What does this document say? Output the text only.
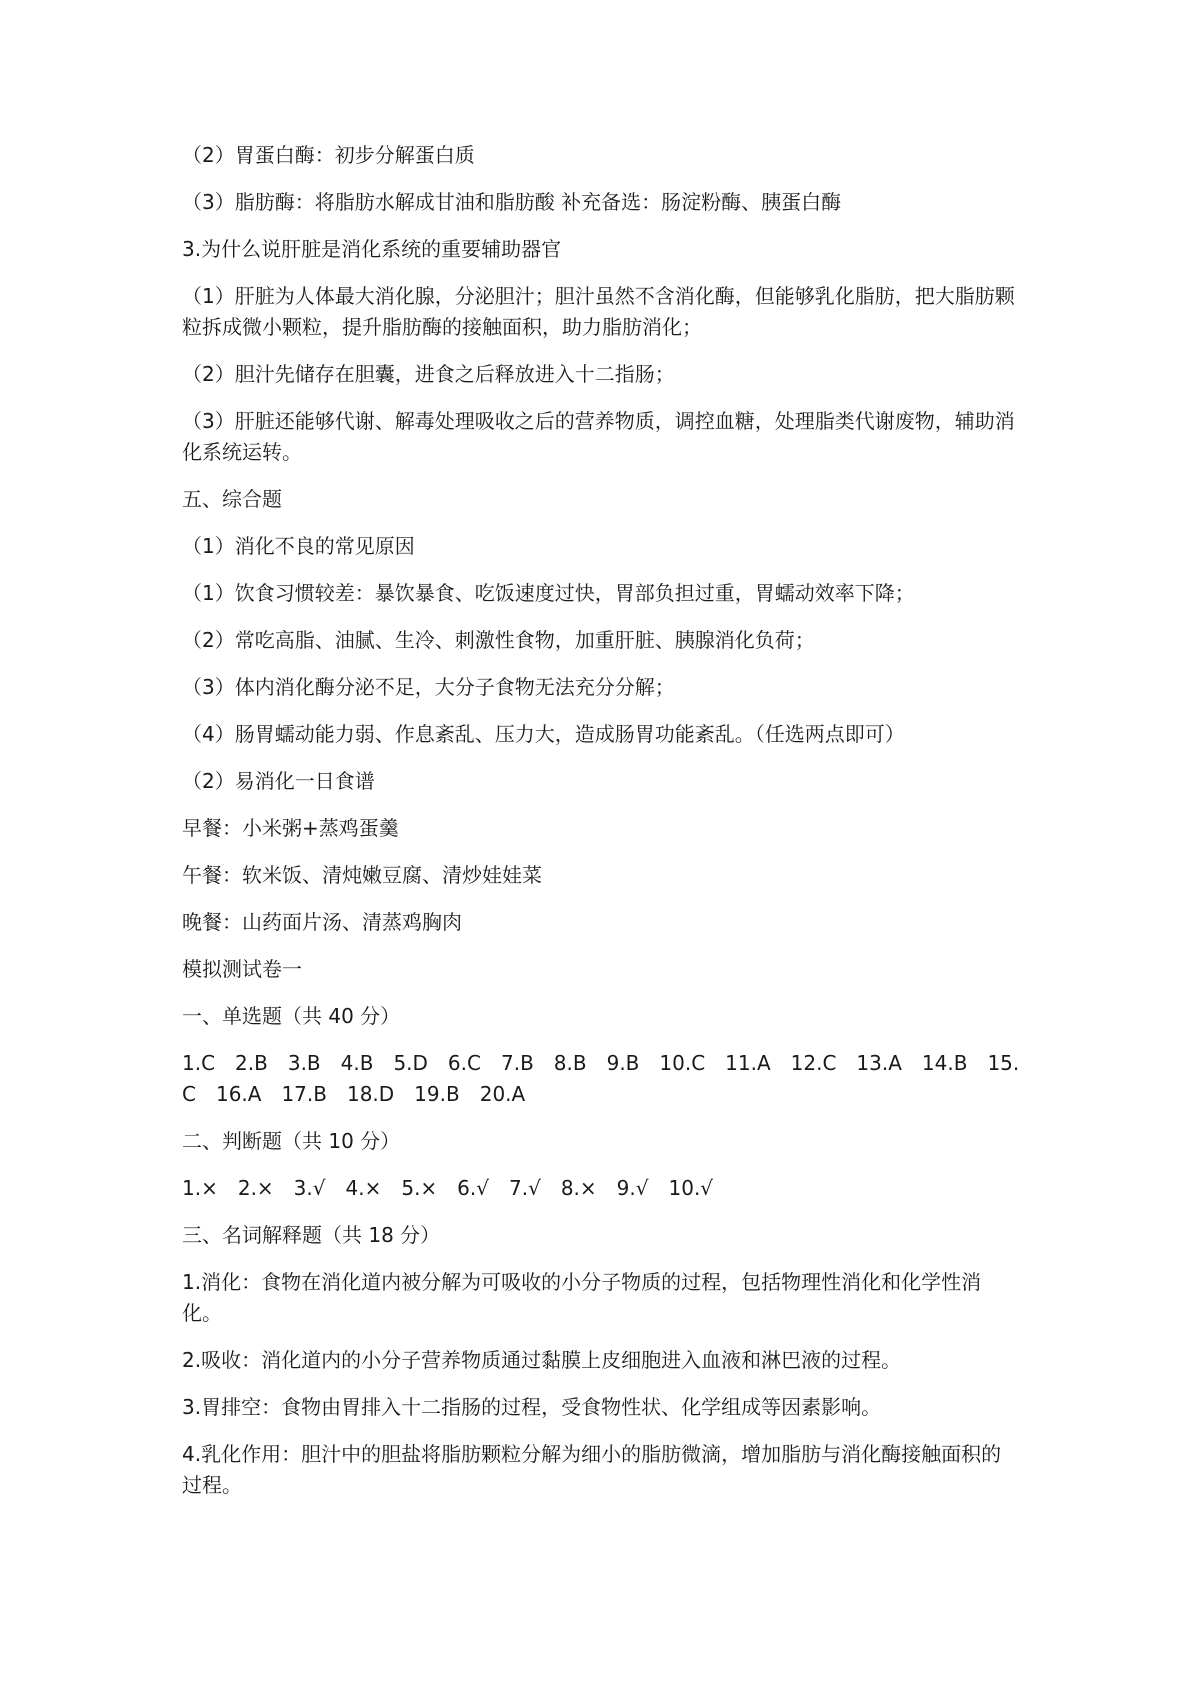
（2）胃蛋白酶：初步分解蛋白质

（3）脂肪酶：将脂肪水解成甘油和脂肪酸 补充备选：肠淀粉酶、胰蛋白酶

3.为什么说肝脏是消化系统的重要辅助器官

（1）肝脏为人体最大消化腺，分泌胆汁；胆汁虽然不含消化酶，但能够乳化脂肪，把大脂肪颗粒拆成微小颗粒，提升脂肪酶的接触面积，助力脂肪消化；

（2）胆汁先储存在胆囊，进食之后释放进入十二指肠；

（3）肝脏还能够代谢、解毒处理吸收之后的营养物质，调控血糖，处理脂类代谢废物，辅助消化系统运转。

五、综合题

（1）消化不良的常见原因

（1）饮食习惯较差：暴饮暴食、吃饭速度过快，胃部负担过重，胃蠕动效率下降；

（2）常吃高脂、油腻、生冷、刺激性食物，加重肝脏、胰腺消化负荷；

（3）体内消化酶分泌不足，大分子食物无法充分分解；

（4）肠胃蠕动能力弱、作息紊乱、压力大，造成肠胃功能紊乱。（任选两点即可）

（2）易消化一日食谱

早餐：小米粥+蒸鸡蛋羹

午餐：软米饭、清炖嫩豆腐、清炒娃娃菜

晚餐：山药面片汤、清蒸鸡胸肉

模拟测试卷一

一、单选题（共 40 分）

1.C　2.B　3.B　4.B　5.D　6.C　7.B　8.B　9.B　10.C　11.A　12.C　13.A　14.B　15.C　16.A　17.B　18.D　19.B　20.A

二、判断题（共 10 分）

1.×　2.×　3.√　4.×　5.×　6.√　7.√　8.×　9.√　10.√

三、名词解释题（共 18 分）

1.消化：食物在消化道内被分解为可吸收的小分子物质的过程，包括物理性消化和化学性消化。

2.吸收：消化道内的小分子营养物质通过黏膜上皮细胞进入血液和淋巴液的过程。

3.胃排空：食物由胃排入十二指肠的过程，受食物性状、化学组成等因素影响。

4.乳化作用：胆汁中的胆盐将脂肪颗粒分解为细小的脂肪微滴，增加脂肪与消化酶接触面积的过程。
